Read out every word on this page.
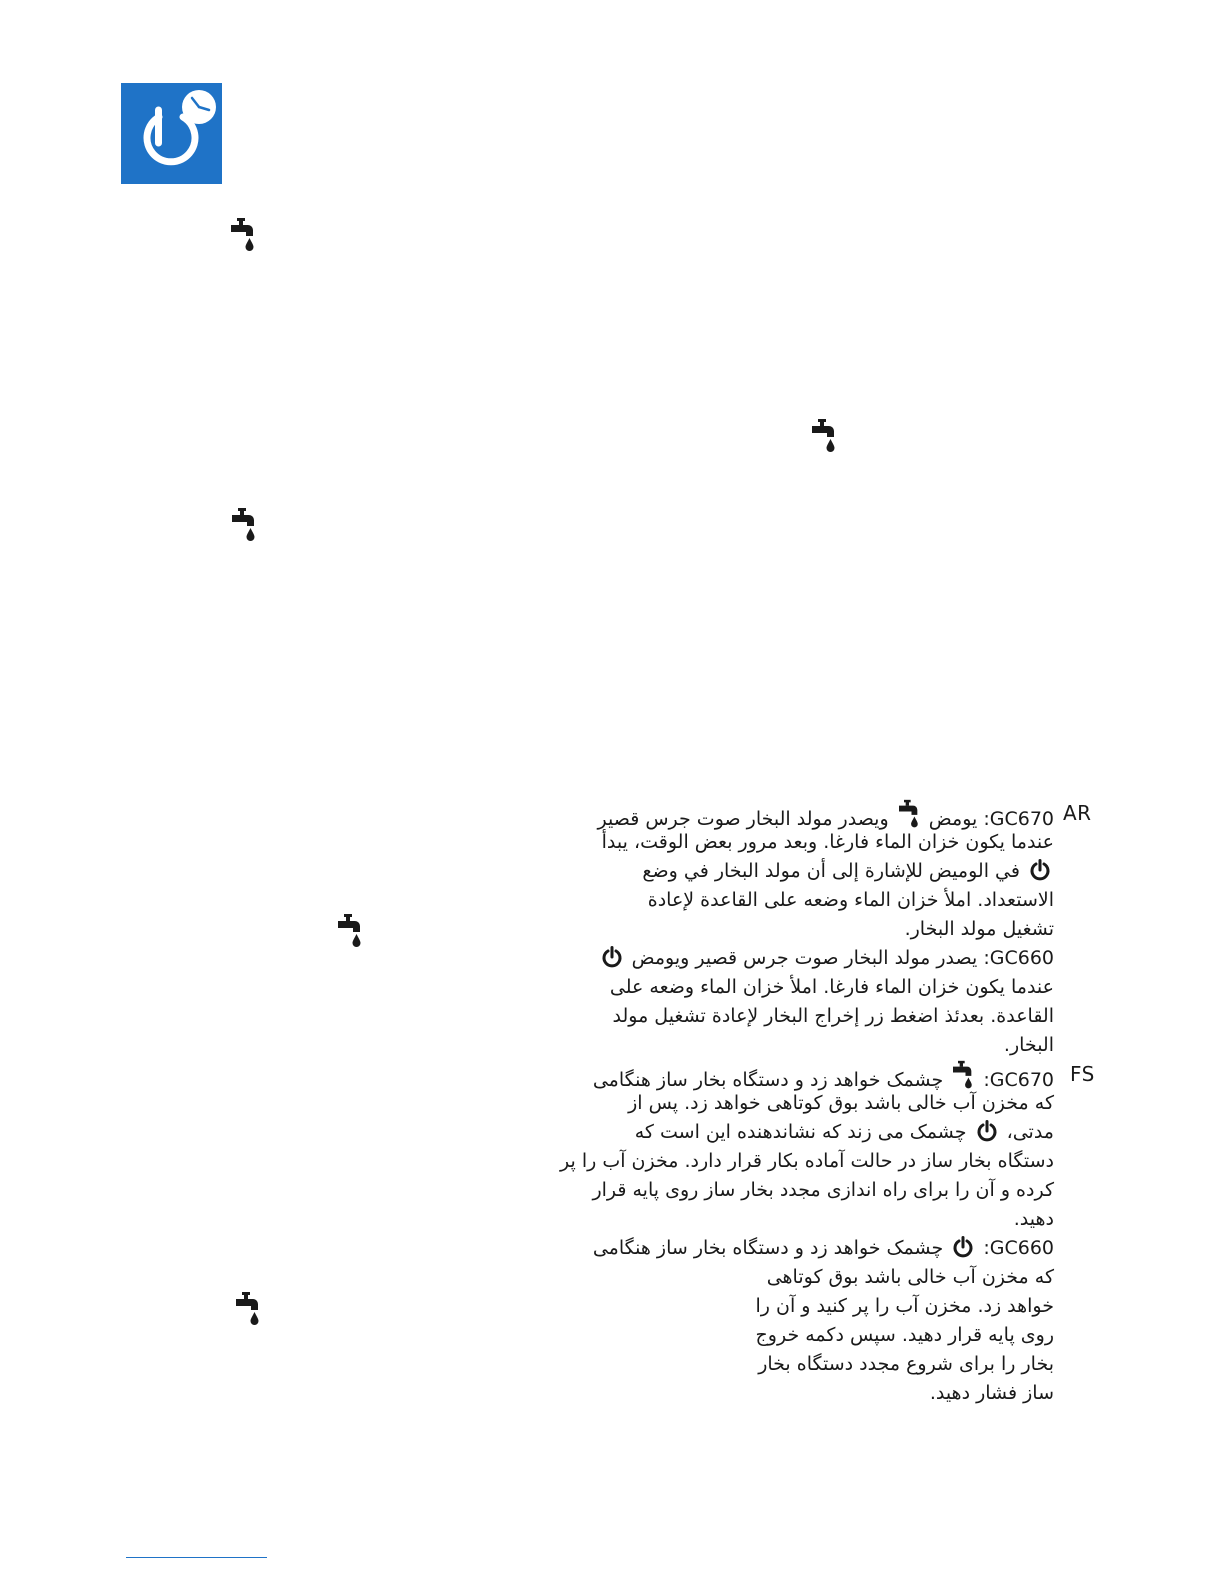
AR
GC670: يومض
ويصدر مولد البخار صوت جرس قصير
عندما يكون خزان الماء فارغا. وبعد مرور بعض الوقت، يبدأ
في الوميض للإشارة إلى أن مولد البخار في وضع
الاستعداد. املأ خزان الماء وضعه على القاعدة لإعادة
تشغيل مولد البخار.
GC660: يصدر مولد البخار صوت جرس قصير ويومض
عندما يكون خزان الماء فارغا. املأ خزان الماء وضعه على
القاعدة. بعدئذ اضغط زر إخراج البخار لإعادة تشغيل مولد
البخار.
FS
GC670:
چشمک خواهد زد و دستگاه بخار ساز هنگامی
که مخزن آب خالی باشد بوق کوتاهی خواهد زد. پس از
مدتی،
چشمک می زند که نشاندهنده این است که
دستگاه بخار ساز در حالت آماده بکار قرار دارد. مخزن آب را پر
کرده و آن را برای راه اندازی مجدد بخار ساز روی پایه قرار
دهید.
GC660:
چشمک خواهد زد و دستگاه بخار ساز هنگامی
که مخزن آب خالی باشد بوق کوتاهی
خواهد زد. مخزن آب را پر کنید و آن را
روی پایه قرار دهید. سپس دکمه خروج
بخار را برای شروع مجدد دستگاه بخار
ساز فشار دهید.
